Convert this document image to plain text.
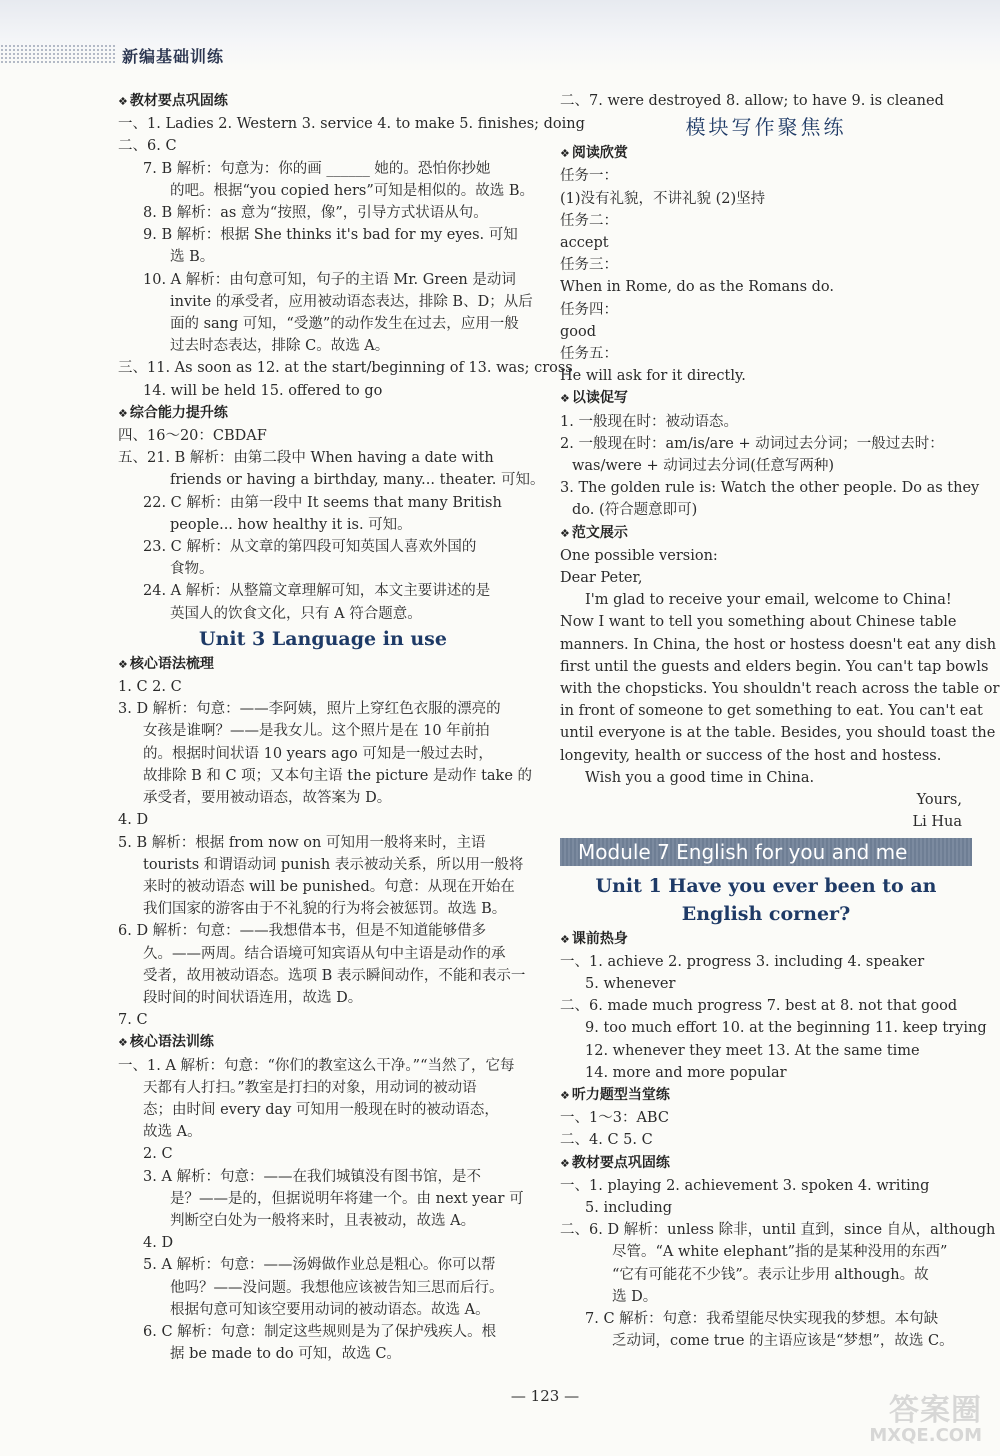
新编基础训练
❖ 教材要点巩固练
一、1. Ladies 2. Western 3. service 4. to make 5. finishes; doing
二、6. C
7. B 解析：句意为：你的画 ______ 她的。恐怕你抄她
的吧。根据“you copied hers”可知是相似的。故选 B。
8. B 解析：as 意为“按照，像”，引导方式状语从句。
9. B 解析：根据 She thinks it's bad for my eyes. 可知
选 B。
10. A 解析：由句意可知，句子的主语 Mr. Green 是动词
invite 的承受者，应用被动语态表达，排除 B、D；从后
面的 sang 可知，“受邀”的动作发生在过去，应用一般
过去时态表达，排除 C。故选 A。
三、11. As soon as 12. at the start/beginning of 13. was; cross
14. will be held 15. offered to go
❖ 综合能力提升练
四、16～20：CBDAF
五、21. B 解析：由第二段中 When having a date with
friends or having a birthday, many... theater. 可知。
22. C 解析：由第一段中 It seems that many British
people... how healthy it is. 可知。
23. C 解析：从文章的第四段可知英国人喜欢外国的
食物。
24. A 解析：从整篇文章理解可知，本文主要讲述的是
英国人的饮食文化，只有 A 符合题意。
Unit 3 Language in use
❖ 核心语法梳理
1. C 2. C
3. D 解析：句意：——李阿姨，照片上穿红色衣服的漂亮的
女孩是谁啊？——是我女儿。这个照片是在 10 年前拍
的。根据时间状语 10 years ago 可知是一般过去时，
故排除 B 和 C 项；又本句主语 the picture 是动作 take 的
承受者，要用被动语态，故答案为 D。
4. D
5. B 解析：根据 from now on 可知用一般将来时，主语
tourists 和谓语动词 punish 表示被动关系，所以用一般将
来时的被动语态 will be punished。句意：从现在开始在
我们国家的游客由于不礼貌的行为将会被惩罚。故选 B。
6. D 解析：句意：——我想借本书，但是不知道能够借多
久。——两周。结合语境可知宾语从句中主语是动作的承
受者，故用被动语态。选项 B 表示瞬间动作，不能和表示一
段时间的时间状语连用，故选 D。
7. C
❖ 核心语法训练
一、1. A 解析：句意：“你们的教室这么干净。”“当然了，它每
天都有人打扫。”教室是打扫的对象，用动词的被动语
态；由时间 every day 可知用一般现在时的被动语态，
故选 A。
2. C
3. A 解析：句意：——在我们城镇没有图书馆，是不
是？——是的，但据说明年将建一个。由 next year 可
判断空白处为一般将来时，且表被动，故选 A。
4. D
5. A 解析：句意：——汤姆做作业总是粗心。你可以帮
他吗？——没问题。我想他应该被告知三思而后行。
根据句意可知该空要用动词的被动语态。故选 A。
6. C 解析：句意：制定这些规则是为了保护残疾人。根
据 be made to do 可知，故选 C。
二、7. were destroyed 8. allow; to have 9. is cleaned
模块写作聚焦练
❖ 阅读欣赏
任务一：
(1)没有礼貌，不讲礼貌 (2)坚持
任务二：
accept
任务三：
When in Rome, do as the Romans do.
任务四：
good
任务五：
He will ask for it directly.
❖ 以读促写
1. 一般现在时：被动语态。
2. 一般现在时：am/is/are + 动词过去分词；一般过去时：
was/were + 动词过去分词(任意写两种)
3. The golden rule is: Watch the other people. Do as they
do. (符合题意即可)
❖ 范文展示
One possible version:
Dear Peter,
I'm glad to receive your email, welcome to China!
Now I want to tell you something about Chinese table
manners. In China, the host or hostess doesn't eat any dish
first until the guests and elders begin. You can't tap bowls
with the chopsticks. You shouldn't reach across the table or
in front of someone to get something to eat. You can't eat
until everyone is at the table. Besides, you should toast the
longevity, health or success of the host and hostess.
Wish you a good time in China.
Yours,
Li Hua
Module 7 English for you and me
Unit 1 Have you ever been to an
English corner?
❖ 课前热身
一、1. achieve 2. progress 3. including 4. speaker
5. whenever
二、6. made much progress 7. best at 8. not that good
9. too much effort 10. at the beginning 11. keep trying
12. whenever they meet 13. At the same time
14. more and more popular
❖ 听力题型当堂练
一、1～3：ABC
二、4. C 5. C
❖ 教材要点巩固练
一、1. playing 2. achievement 3. spoken 4. writing
5. including
二、6. D 解析：unless 除非，until 直到，since 自从，although
尽管。“A white elephant”指的是某种没用的东西”
“它有可能花不少钱”。表示让步用 although。故
选 D。
7. C 解析：句意：我希望能尽快实现我的梦想。本句缺
乏动词，come true 的主语应该是“梦想”，故选 C。
— 123 —	答案圈
MXQE.COM
